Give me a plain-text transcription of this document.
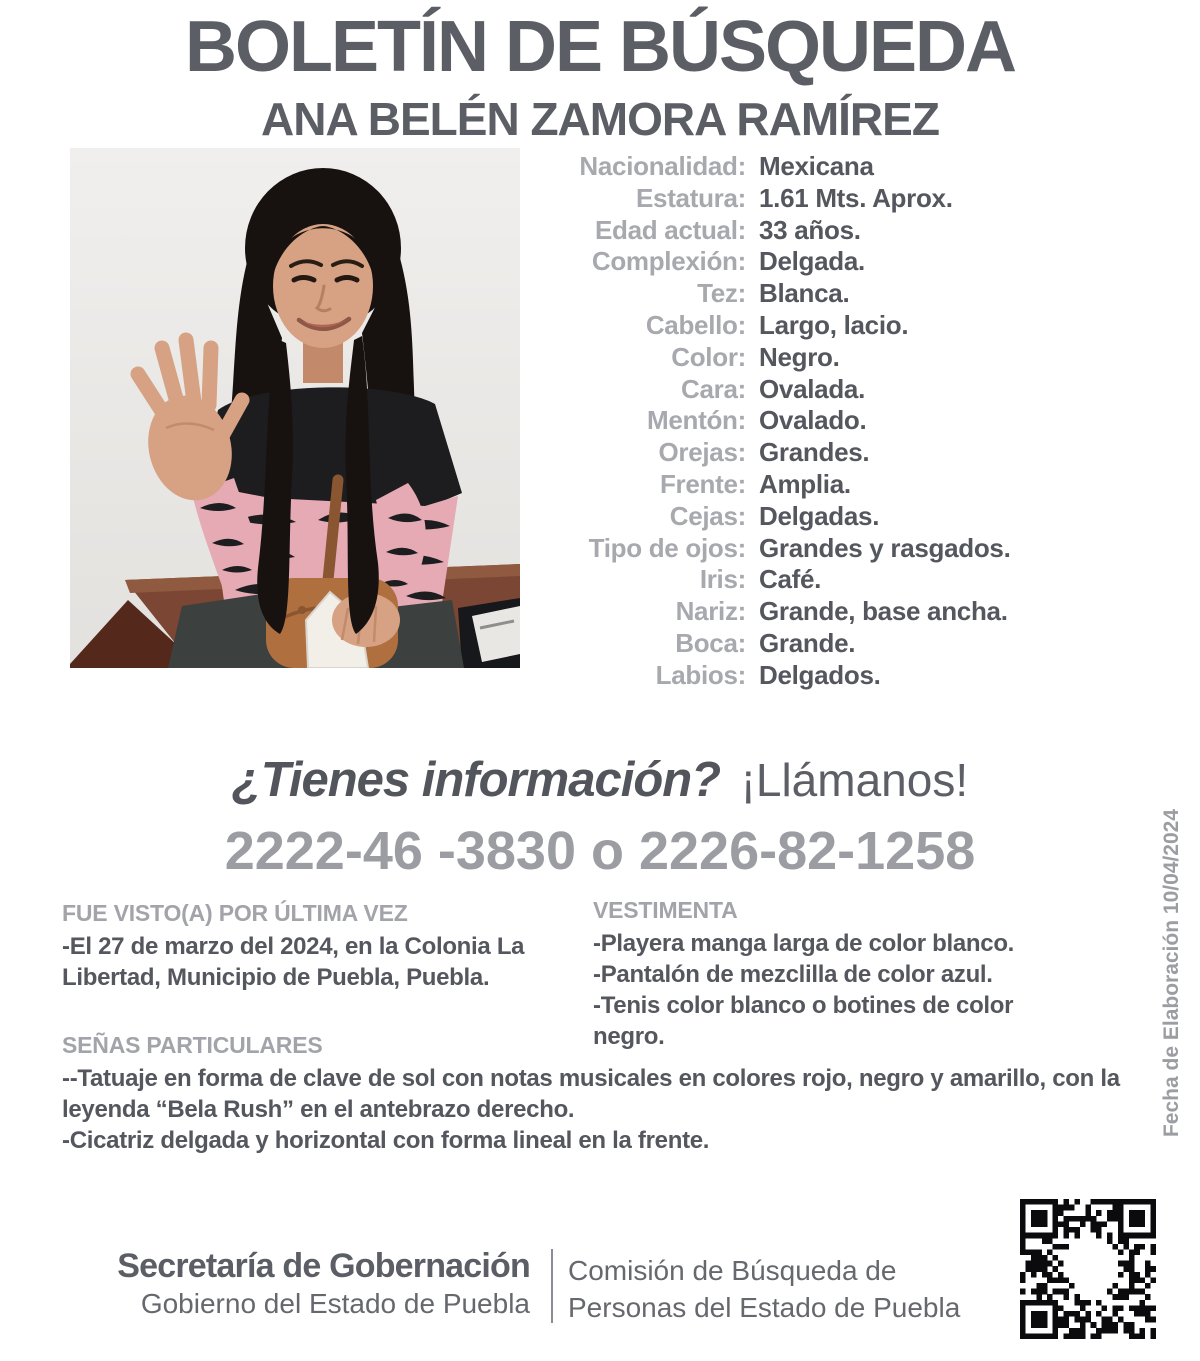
BOLETÍN DE BÚSQUEDA
ANA BELÉN ZAMORA RAMÍREZ
Nacionalidad: Mexicana
Estatura: 1.61 Mts. Aprox.
Edad actual: 33 años.
Complexión: Delgada.
Tez: Blanca.
Cabello: Largo, lacio.
Color: Negro.
Cara: Ovalada.
Mentón: Ovalado.
Orejas: Grandes.
Frente: Amplia.
Cejas: Delgadas.
Tipo de ojos: Grandes y rasgados.
Iris: Café.
Nariz: Grande, base ancha.
Boca: Grande.
Labios: Delgados.
¿Tienes información? ¡Llámanos!
2222-46 -3830 o 2226-82-1258
FUE VISTO(A) POR ÚLTIMA VEZ
-El 27 de marzo del 2024, en la Colonia La Libertad, Municipio de Puebla, Puebla.
VESTIMENTA
-Playera manga larga de color blanco.
-Pantalón de mezclilla de color azul.
-Tenis color blanco o botines de color negro.
SEÑAS PARTICULARES
--Tatuaje en forma de clave de sol con notas musicales en colores rojo, negro y amarillo, con la leyenda “Bela Rush” en el antebrazo derecho.
-Cicatriz delgada y horizontal con forma lineal en la frente.
Fecha de Elaboración 10/04/2024
Secretaría de Gobernación
Gobierno del Estado de Puebla
Comisión de Búsqueda de
Personas del Estado de Puebla
